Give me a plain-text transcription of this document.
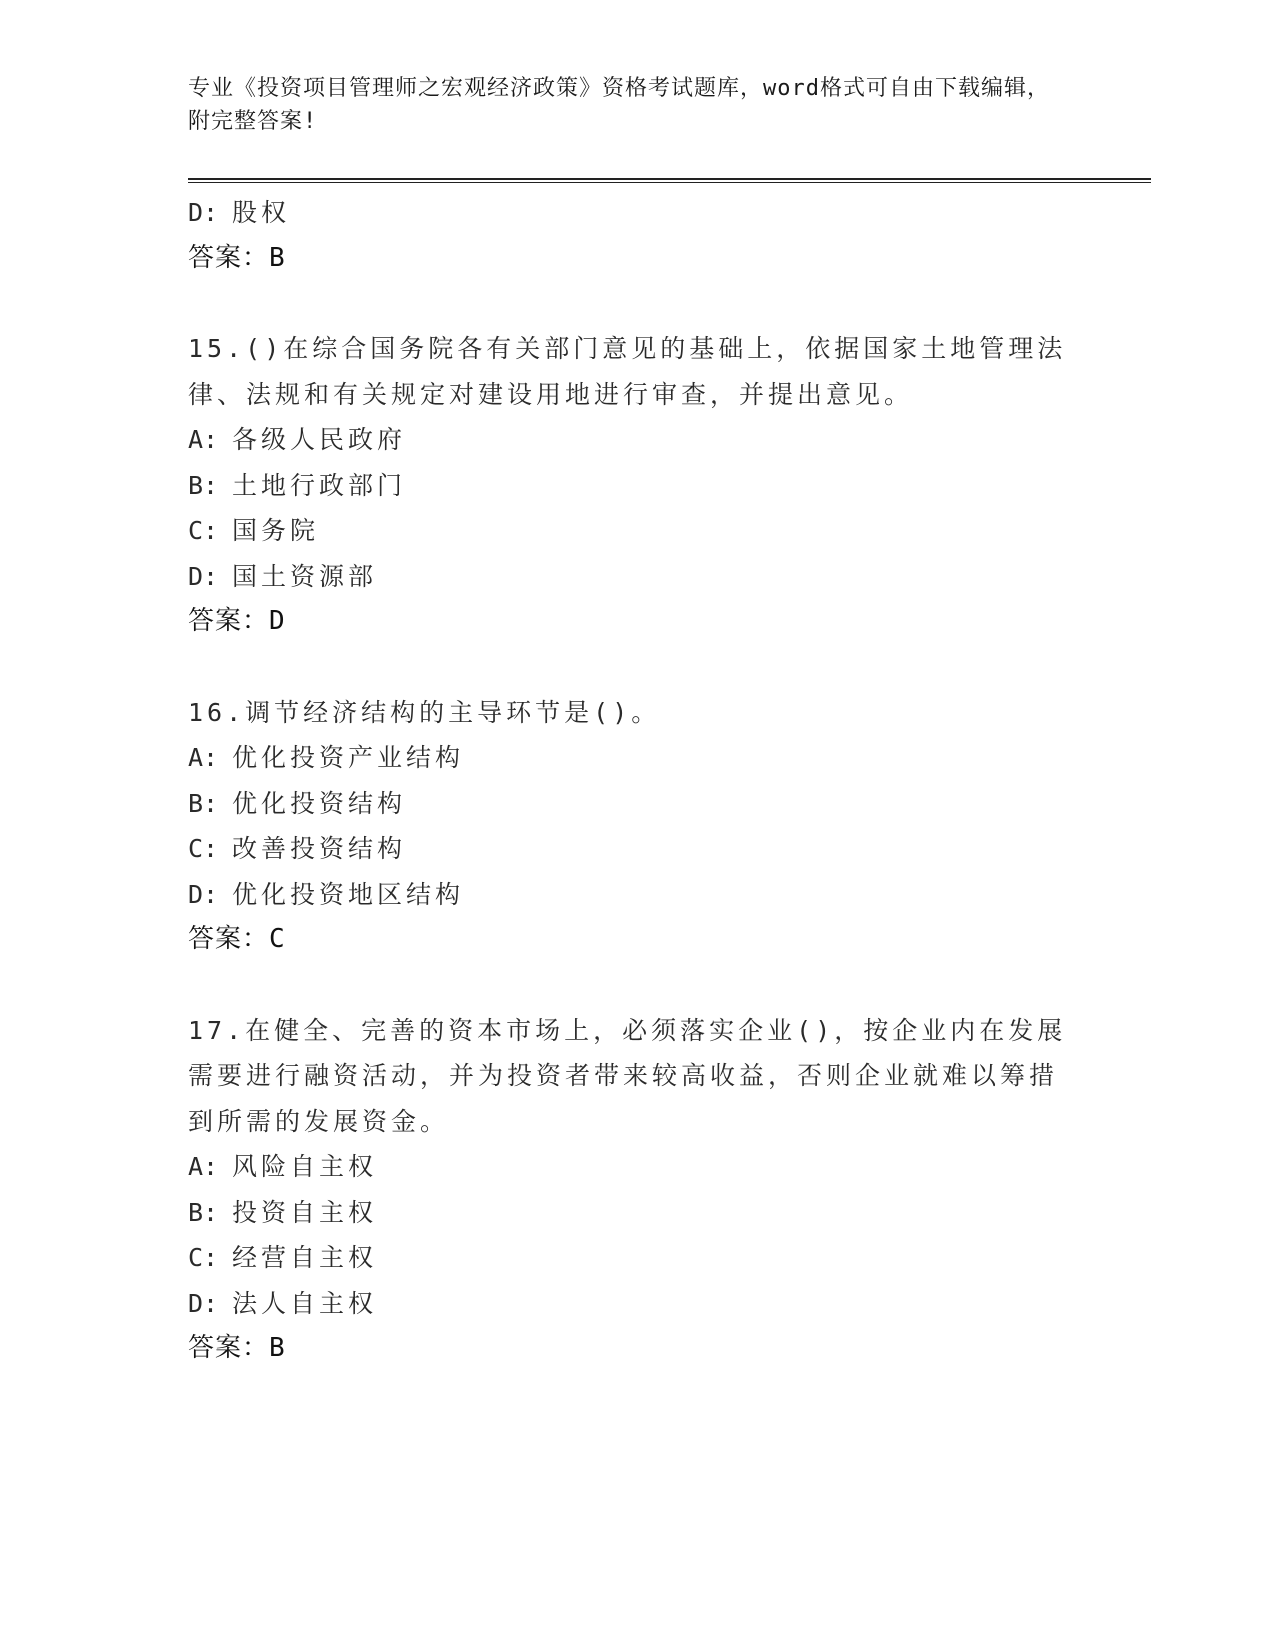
专业《投资项目管理师之宏观经济政策》资格考试题库，word格式可自由下载编辑，附完整答案!
D: 股权
答案：B
15.()在综合国务院各有关部门意见的基础上，依据国家土地管理法律、法规和有关规定对建设用地进行审查，并提出意见。
A: 各级人民政府
B: 土地行政部门
C: 国务院
D: 国土资源部
答案：D
16.调节经济结构的主导环节是()。
A: 优化投资产业结构
B: 优化投资结构
C: 改善投资结构
D: 优化投资地区结构
答案：C
17.在健全、完善的资本市场上，必须落实企业()，按企业内在发展需要进行融资活动，并为投资者带来较高收益，否则企业就难以筹措到所需的发展资金。
A: 风险自主权
B: 投资自主权
C: 经营自主权
D: 法人自主权
答案：B
